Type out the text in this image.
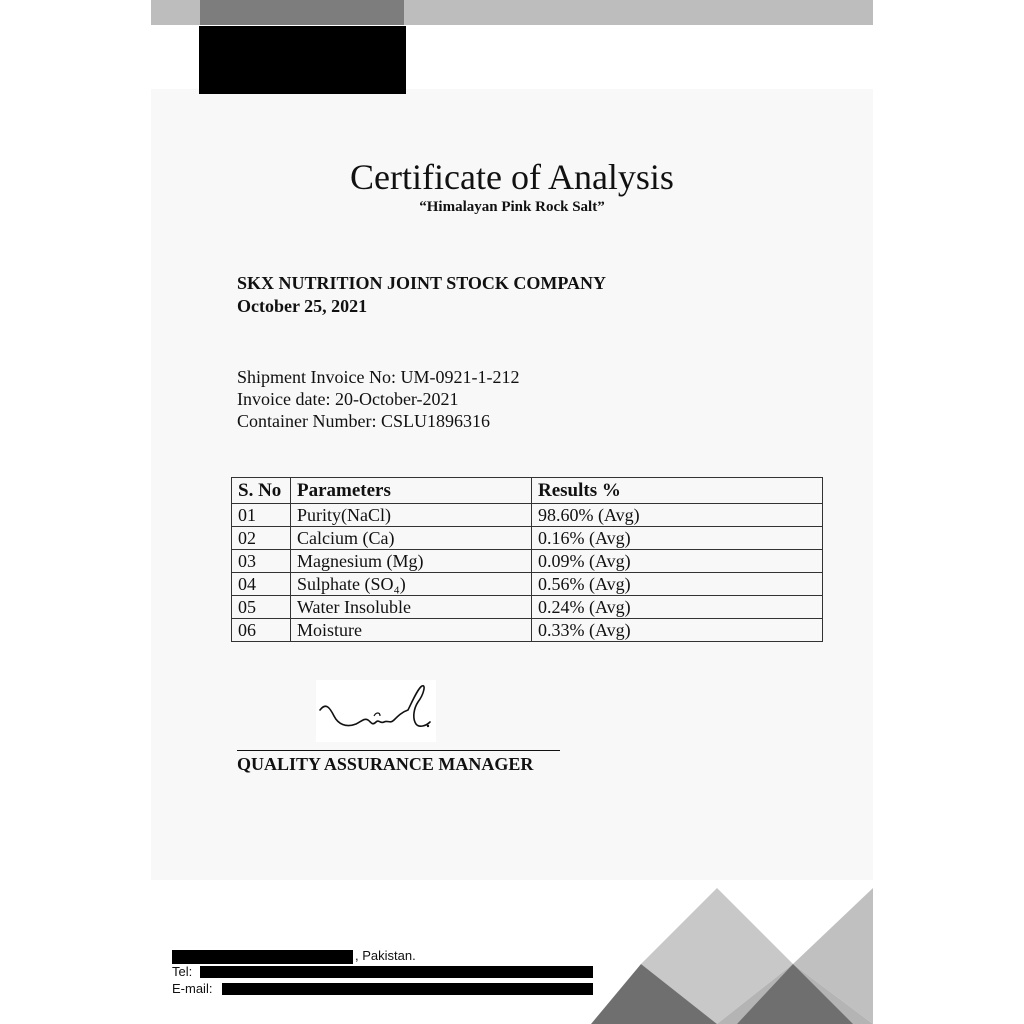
Certificate of Analysis
“Himalayan Pink Rock Salt”
SKX NUTRITION JOINT STOCK COMPANY
October 25, 2021
Shipment Invoice No: UM-0921-1-212
Invoice date: 20-October-2021
Container Number: CSLU1896316
S. No	Parameters	Results %
01	Purity(NaCl)	98.60% (Avg)
02	Calcium (Ca)	0.16% (Avg)
03	Magnesium (Mg)	0.09% (Avg)
04	Sulphate (SO₄)	0.56% (Avg)
05	Water Insoluble	0.24% (Avg)
06	Moisture	0.33% (Avg)
QUALITY ASSURANCE MANAGER
, Pakistan.
Tel:
E-mail:
